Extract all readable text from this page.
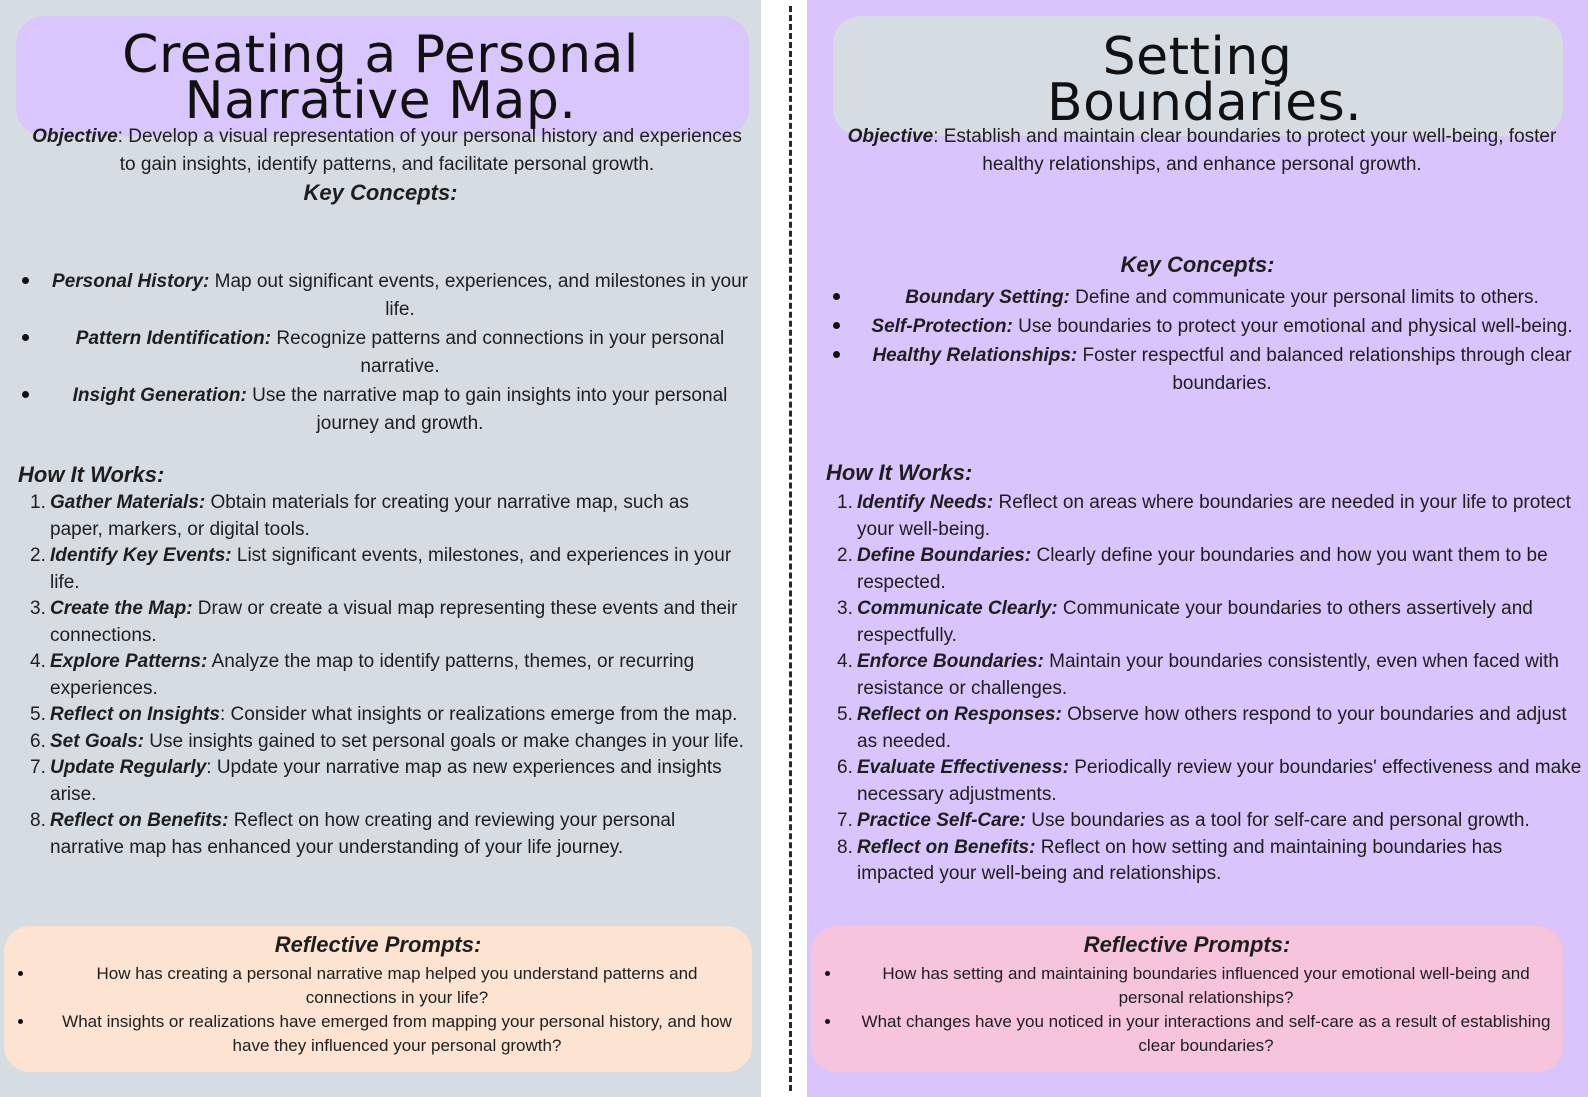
Creating a Personal Narrative Map.

Objective: Develop a visual representation of your personal history and experiences to gain insights, identify patterns, and facilitate personal growth.

Key Concepts:
Personal History: Map out significant events, experiences, and milestones in your life.
Pattern Identification: Recognize patterns and connections in your personal narrative.
Insight Generation: Use the narrative map to gain insights into your personal journey and growth.
How It Works:
1. Gather Materials: Obtain materials for creating your narrative map, such as paper, markers, or digital tools.
2. Identify Key Events: List significant events, milestones, and experiences in your life.
3. Create the Map: Draw or create a visual map representing these events and their connections.
4. Explore Patterns: Analyze the map to identify patterns, themes, or recurring experiences.
5. Reflect on Insights: Consider what insights or realizations emerge from the map.
6. Set Goals: Use insights gained to set personal goals or make changes in your life.
7. Update Regularly: Update your narrative map as new experiences and insights arise.
8. Reflect on Benefits: Reflect on how creating and reviewing your personal narrative map has enhanced your understanding of your life journey.
Reflective Prompts:
How has creating a personal narrative map helped you understand patterns and connections in your life?
What insights or realizations have emerged from mapping your personal history, and how have they influenced your personal growth?
Setting Boundaries.

Objective: Establish and maintain clear boundaries to protect your well-being, foster healthy relationships, and enhance personal growth.

Key Concepts:
Boundary Setting: Define and communicate your personal limits to others.
Self-Protection: Use boundaries to protect your emotional and physical well-being.
Healthy Relationships: Foster respectful and balanced relationships through clear boundaries.
How It Works:
1. Identify Needs: Reflect on areas where boundaries are needed in your life to protect your well-being.
2. Define Boundaries: Clearly define your boundaries and how you want them to be respected.
3. Communicate Clearly: Communicate your boundaries to others assertively and respectfully.
4. Enforce Boundaries: Maintain your boundaries consistently, even when faced with resistance or challenges.
5. Reflect on Responses: Observe how others respond to your boundaries and adjust as needed.
6. Evaluate Effectiveness: Periodically review your boundaries' effectiveness and make necessary adjustments.
7. Practice Self-Care: Use boundaries as a tool for self-care and personal growth.
8. Reflect on Benefits: Reflect on how setting and maintaining boundaries has impacted your well-being and relationships.
Reflective Prompts:
How has setting and maintaining boundaries influenced your emotional well-being and personal relationships?
What changes have you noticed in your interactions and self-care as a result of establishing clear boundaries?
